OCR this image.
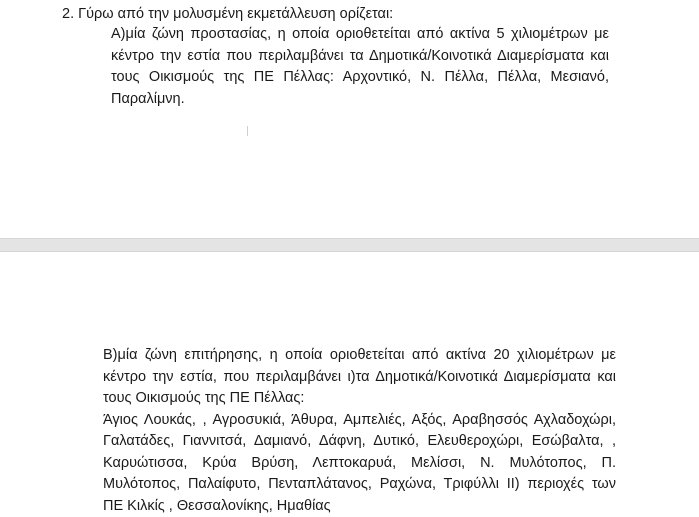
2. Γύρω από την μολυσμένη εκμετάλλευση ορίζεται:
Α)μία ζώνη προστασίας, η οποία οριοθετείται από ακτίνα 5 χιλιομέτρων με
κέντρο την εστία που περιλαμβάνει τα Δημοτικά/Κοινοτικά Διαμερίσματα και
τους Οικισμούς της ΠΕ Πέλλας: Αρχοντικό, Ν. Πέλλα, Πέλλα, Μεσιανό,
Παραλίμνη.
Β)μία ζώνη επιτήρησης, η οποία οριοθετείται από ακτίνα 20 χιλιομέτρων με
κέντρο την εστία, που περιλαμβάνει ι)τα Δημοτικά/Κοινοτικά Διαμερίσματα και
τους Οικισμούς της ΠΕ Πέλλας:
Άγιος Λουκάς, , Αγροσυκιά, Άθυρα, Αμπελιές, Αξός, Αραβησσός Αχλαδοχώρι,
Γαλατάδες, Γιαννιτσά, Δαμιανό, Δάφνη, Δυτικό, Ελευθεροχώρι, Εσώβαλτα, ,
Καρυώτισσα, Κρύα Βρύση, Λεπτοκαρυά, Μελίσσι, Ν. Μυλότοπος, Π.
Μυλότοπος, Παλαίφυτο, Πενταπλάτανος, Ραχώνα, Τριφύλλι ΙΙ) περιοχές των
ΠΕ Κιλκίς , Θεσσαλονίκης, Ημαθίας
